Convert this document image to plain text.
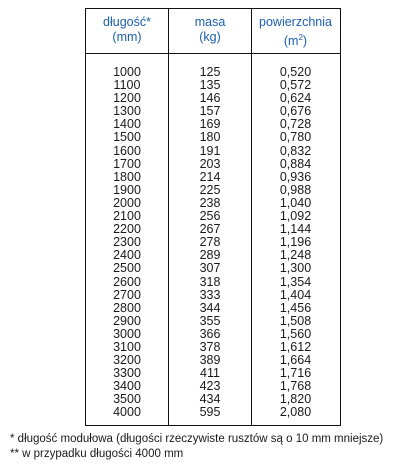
długość*
(mm)
masa
(kg)
powierzchnia
$(m^2)$
1000
1100
1200
1300
1400
1500
1600
1700
1800
1900
2000
2100
2200
2300
2400
2500
2600
2700
2800
2900
3000
3100
3200
3300
3400
3500
4000
125
135
146
157
169
180
191
203
214
225
238
256
267
278
289
307
318
333
344
355
366
378
389
411
423
434
595
0,520
0,572
0,624
0,676
0,728
0,780
0,832
0,884
0,936
0,988
1,040
1,092
1,144
1,196
1,248
1,300
1,354
1,404
1,456
1,508
1,560
1,612
1,664
1,716
1,768
1,820
2,080
* długość modułowa (długości rzeczywiste rusztów są o 10 mm mniejsze)
** w przypadku długości 4000 mm
